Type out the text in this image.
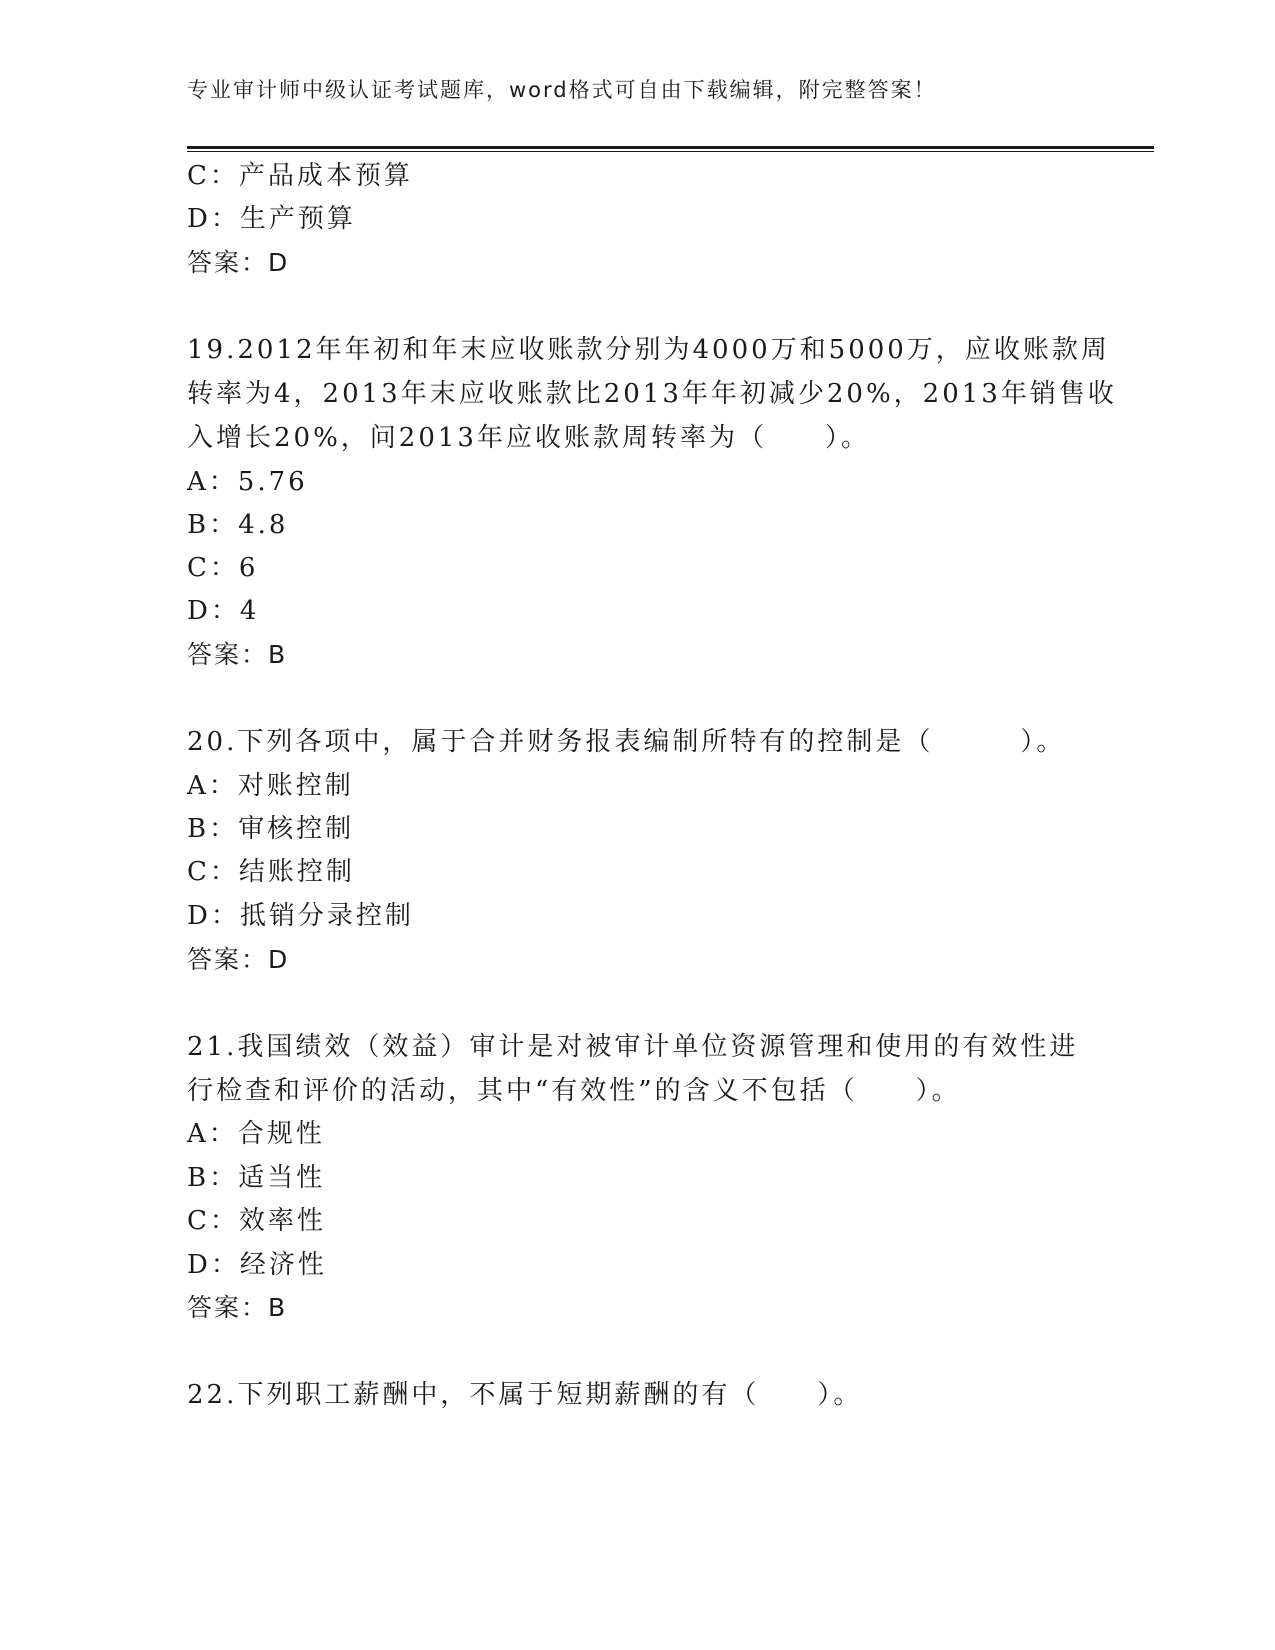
专业审计师中级认证考试题库，word格式可自由下载编辑，附完整答案！
C：产品成本预算
D：生产预算
答案：D
19.2012年年初和年末应收账款分别为4000万和5000万，应收账款周
转率为4，2013年末应收账款比2013年年初减少20%，2013年销售收
入增长20%，问2013年应收账款周转率为（　　）。
A：5.76
B：4.8
C：6
D：4
答案：B
20.下列各项中，属于合并财务报表编制所特有的控制是（　　　）。
A：对账控制
B：审核控制
C：结账控制
D：抵销分录控制
答案：D
21.我国绩效（效益）审计是对被审计单位资源管理和使用的有效性进
行检查和评价的活动，其中“有效性”的含义不包括（　　）。
A：合规性
B：适当性
C：效率性
D：经济性
答案：B
22.下列职工薪酬中，不属于短期薪酬的有（　　）。
